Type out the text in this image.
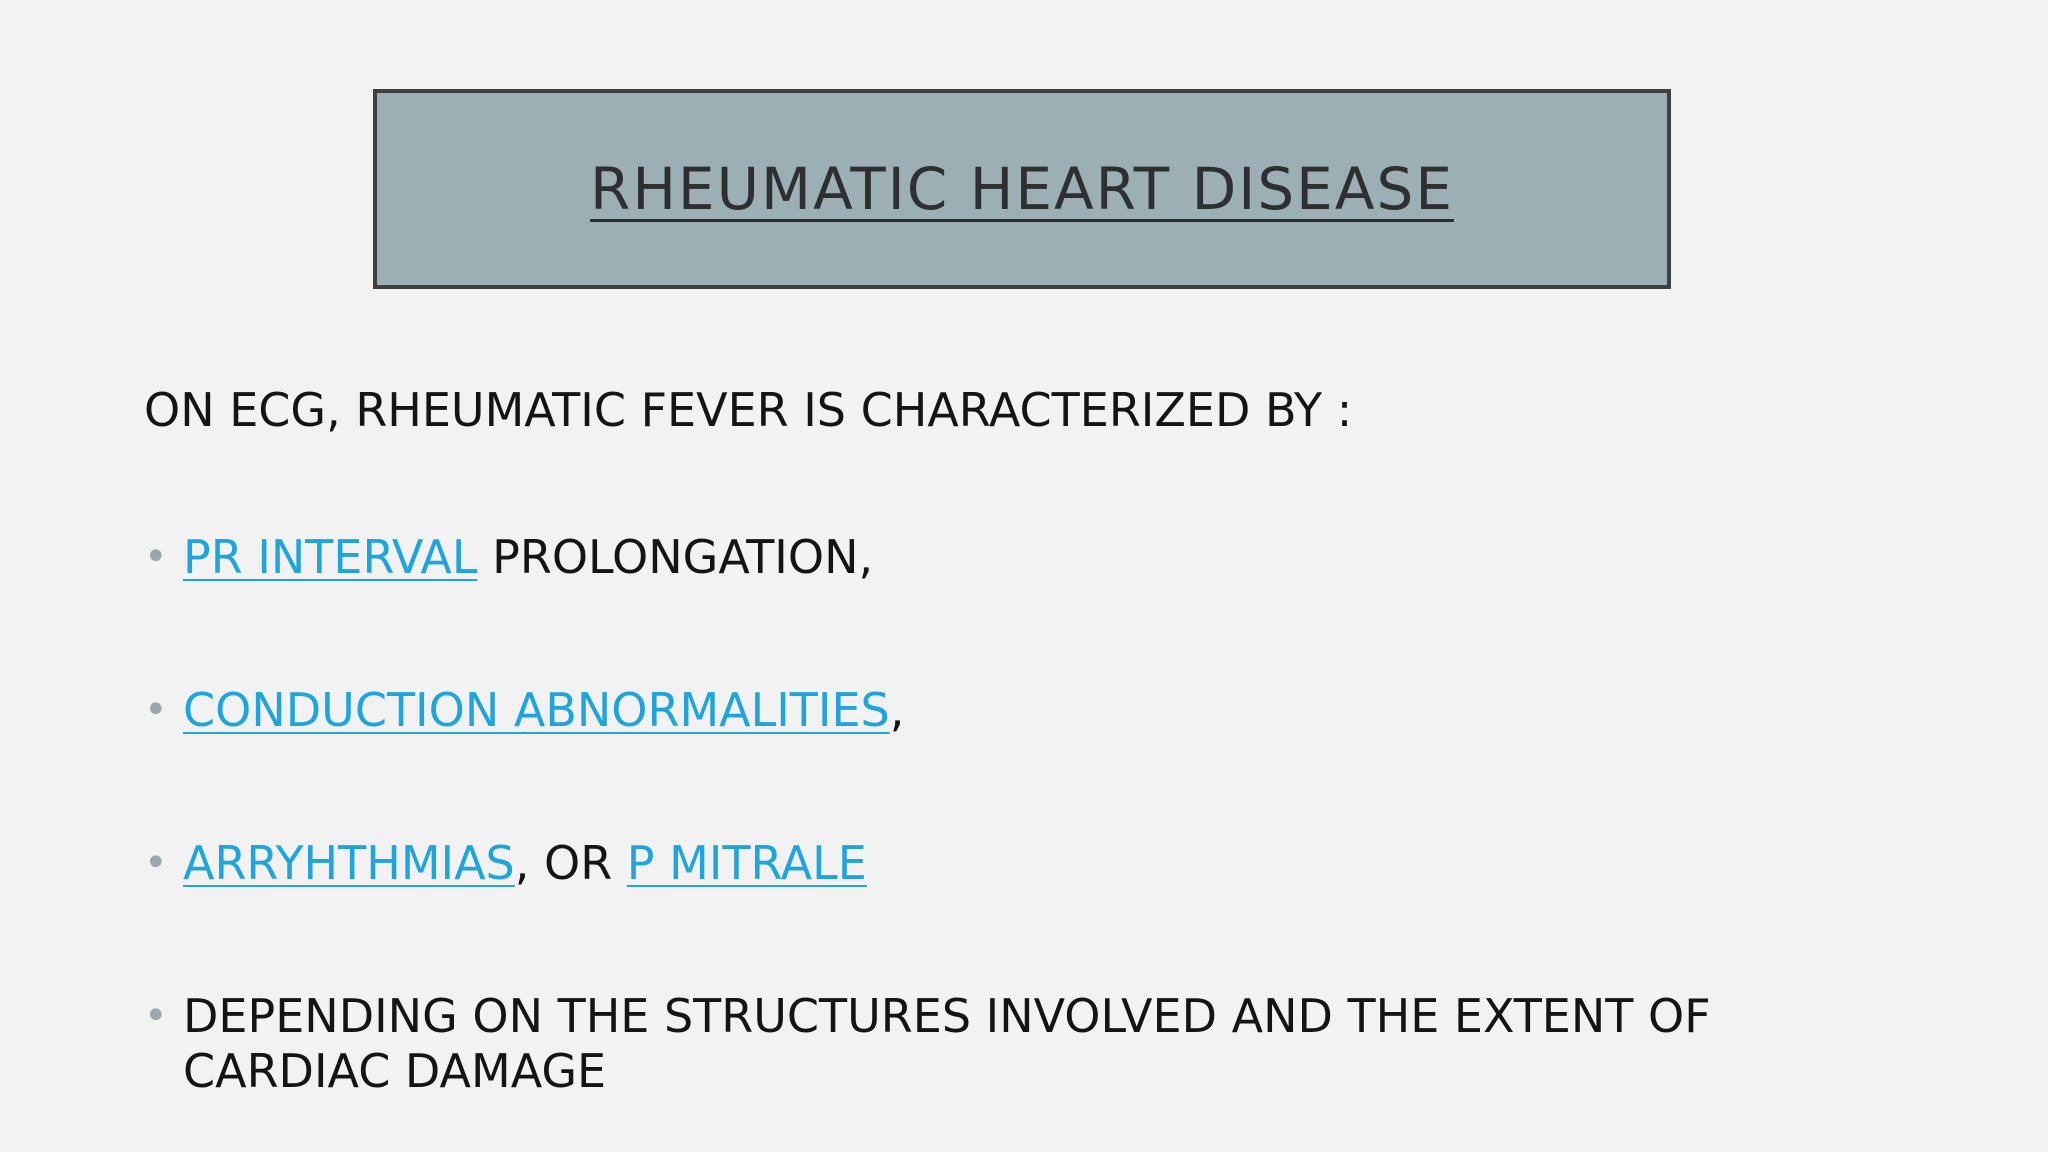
RHEUMATIC HEART DISEASE
ON ECG, RHEUMATIC FEVER IS CHARACTERIZED BY :
• PR INTERVAL PROLONGATION,
• CONDUCTION ABNORMALITIES,
• ARRYHTHMIAS, OR P MITRALE
• DEPENDING ON THE STRUCTURES INVOLVED AND THE EXTENT OF CARDIAC DAMAGE
